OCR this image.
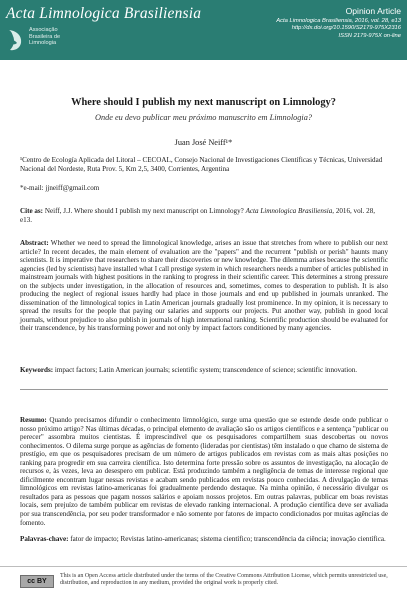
Acta Limnologica Brasiliensia
Associação
Brasileira de
Limnologia
Opinion Article
Acta Limnologica Brasiliensia, 2016, vol. 28, e13
http://dx.doi.org/10.1590/S2179-975X2316
ISSN 2179-975X on-line
Where should I publish my next manuscript on Limnology?
Onde eu devo publicar meu próximo manuscrito em Limnologia?
Juan José Neiff¹*
¹Centro de Ecología Aplicada del Litoral – CECOAL, Consejo Nacional de Investigaciones Científicas y Técnicas, Universidad Nacional del Nordeste, Ruta Prov. 5, Km 2,5, 3400, Corrientes, Argentina
*e-mail: jjneiff@gmail.com
Cite as: Neiff, J.J. Where should I publish my next manuscript on Limnology? Acta Limnologica Brasiliensia, 2016, vol. 28, e13.
Abstract: Whether we need to spread the limnological knowledge, arises an issue that stretches from where to publish our next article? In recent decades, the main element of evaluation are the "papers" and the recurrent "publish or perish" haunts many scientists. It is imperative that researchers to share their discoveries or new knowledge. The dilemma arises because the scientific agencies (led by scientists) have installed what I call prestige system in which researchers needs a number of articles published in mainstream journals with highest positions in the ranking to progress in their scientific career. This determines a strong pressure on the subjects under investigation, in the allocation of resources and, sometimes, comes to desperation to publish. It is also producing the neglect of regional issues hardly had place in those journals and end up published in journals unranked. The dissemination of the limnological topics in Latin American journals gradually lost prominence. In my opinion, it is necessary to spread the results for the people that paying our salaries and supports our projects. Put another way, publish in good local journals, without prejudice to also publish in journals of high international ranking. Scientific production should be evaluated for their transcendence, by his transforming power and not only by impact factors conditioned by many agencies.
Keywords: impact factors; Latin American journals; scientific system; transcendence of science; scientific innovation.
Resumo: Quando precisamos difundir o conhecimento limnológico, surge uma questão que se estende desde onde publicar o nosso próximo artigo? Nas últimas décadas, o principal elemento de avaliação são os artigos científicos e a sentença "publicar ou perecer" assombra muitos cientistas. É imprescindível que os pesquisadores compartilhem suas descobertas ou novos conhecimentos. O dilema surge porque as agências de fomento (lideradas por cientistas) têm instalado o que chamo de sistema de prestígio, em que os pesquisadores precisam de um número de artigos publicados em revistas com as mais altas posições no ranking para progredir em sua carreira científica. Isto determina forte pressão sobre os assuntos de investigação, na alocação de recursos e, às vezes, leva ao desespero em publicar. Está produzindo também a negligência de temas de interesse regional que dificilmente encontram lugar nessas revistas e acabam sendo publicados em revistas pouco conhecidas. A divulgação de temas limnológicos em revistas latino-americanas foi gradualmente perdendo destaque. Na minha opinião, é necessário divulgar os resultados para as pessoas que pagam nossos salários e apoiam nossos projetos. Em outras palavras, publicar em boas revistas locais, sem prejuízo de também publicar em revistas de elevado ranking internacional. A produção científica deve ser avaliada por sua transcendência, por seu poder transformador e não somente por fatores de impacto condicionados por muitas agências de fomento.
Palavras-chave: fator de impacto; Revistas latino-americanas; sistema científico; transcendência da ciência; inovação científica.
cc BY
This is an Open Access article distributed under the terms of the Creative Commons Attribution License, which permits unrestricted use, distribution, and reproduction in any medium, provided the original work is properly cited.
